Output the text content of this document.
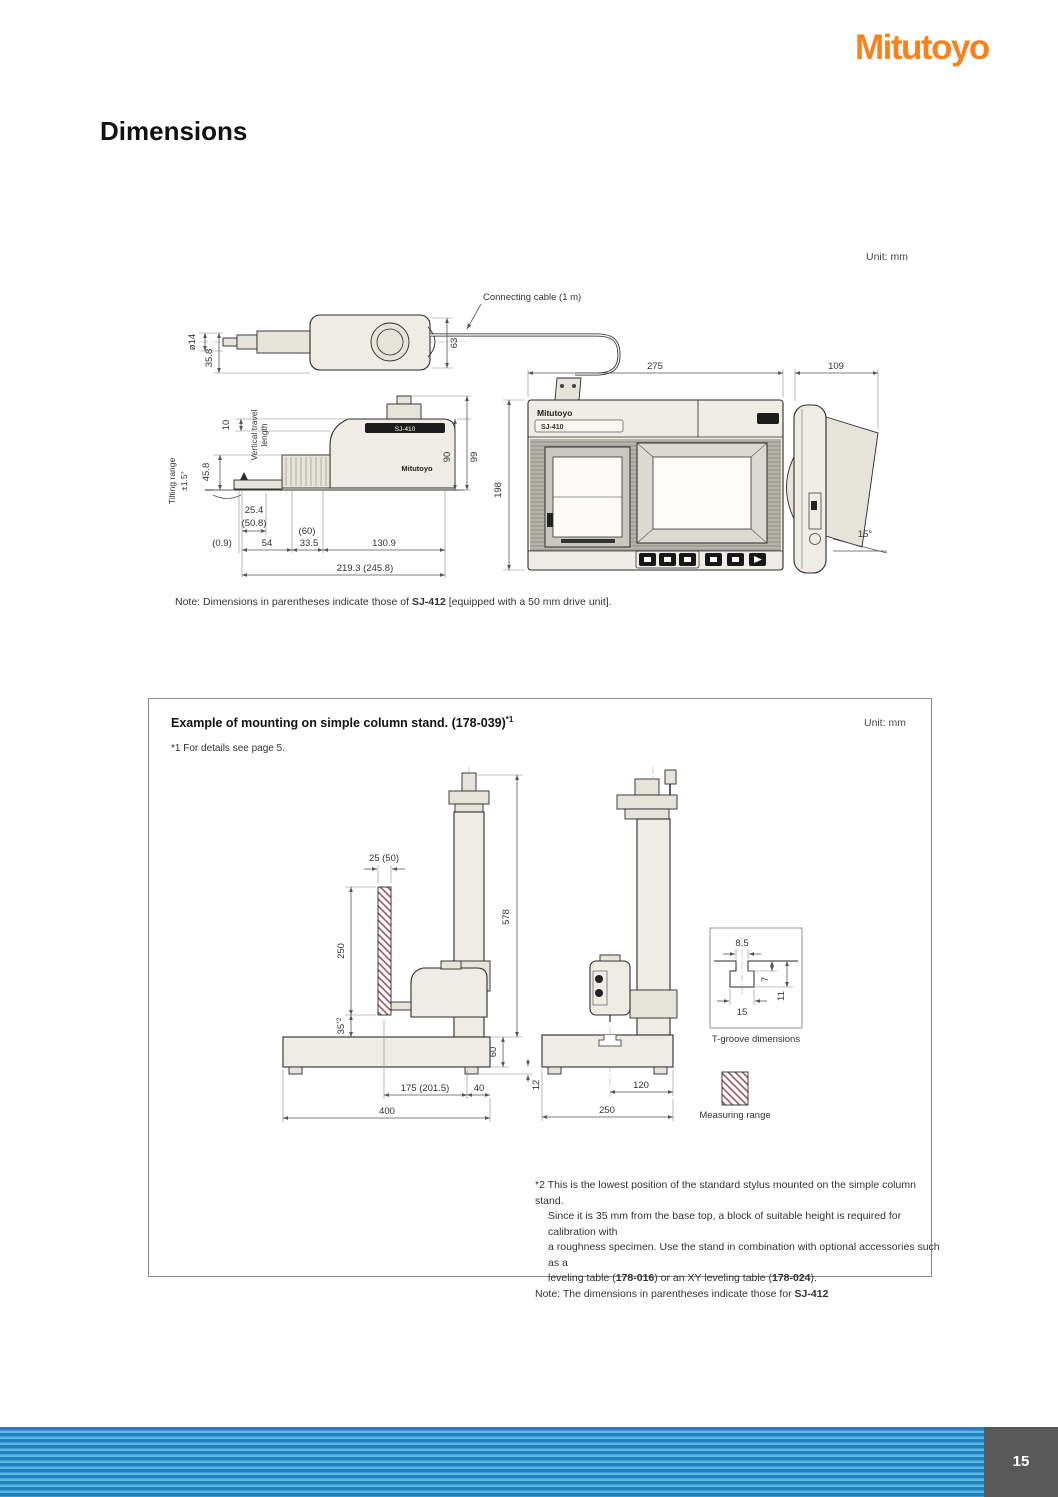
Mitutoyo
Dimensions
Unit: mm
ø14
35.8
63
Connecting cable (1 m)
SJ-410
Mitutoyo
10 Vertical travel length
45.8
Tilting range ±1.5°
25.4
(50.8)
(0.9)	54
(60)
33.5	130.9
219.3 (245.8)
90 99
275
198
Mitutoyo
SJ-410
109
15°
Note: Dimensions in parentheses indicate those of SJ-412 [equipped with a 50 mm drive unit].
Example of mounting on simple column stand. $(178-039)^{*1}$	Unit: mm
*1 For details see page 5.
25 (50)
250
35*2
578
60
12
175 (201.5)	40
400
120
250
8.5
15
7
11
T-groove dimensions
Measuring range
*2 This is the lowest position of the standard stylus mounted on the simple column stand.
Since it is 35 mm from the base top, a block of suitable height is required for calibration with
a roughness specimen. Use the stand in combination with optional accessories such as a
leveling table (178-016) or an XY leveling table (178-024).
Note: The dimensions in parentheses indicate those for SJ-412
15
